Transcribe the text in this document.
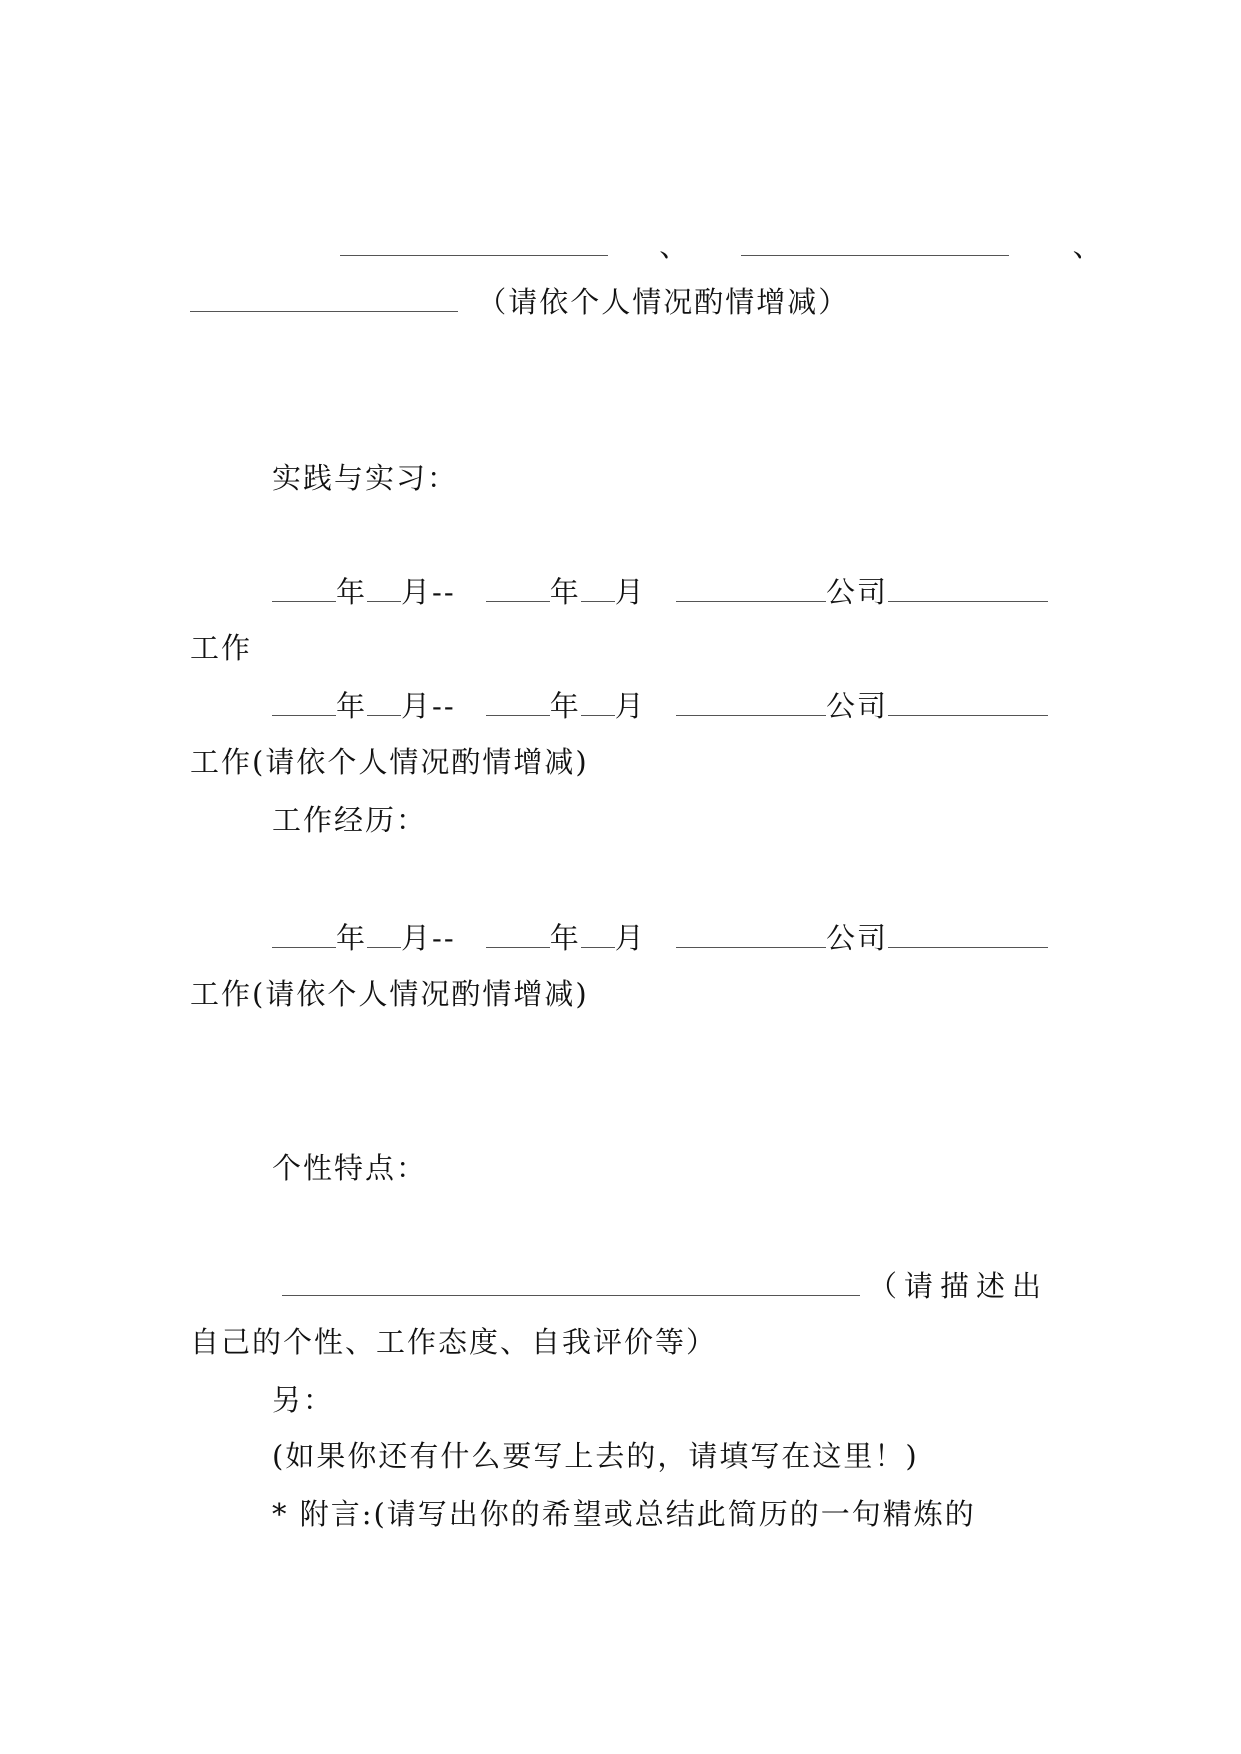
、	、
（请依个人情况酌情增减）
实践与实习：
年 月--	年 月	公司
工作
年 月--	年 月	公司
工作(请依个人情况酌情增减)
工作经历：
年 月--	年 月	公司
工作(请依个人情况酌情增减)
个性特点：
（请描述出
自己的个性、工作态度、自我评价等）
另：
(如果你还有什么要写上去的，请填写在这里！)
* 附言:(请写出你的希望或总结此简历的一句精炼的
